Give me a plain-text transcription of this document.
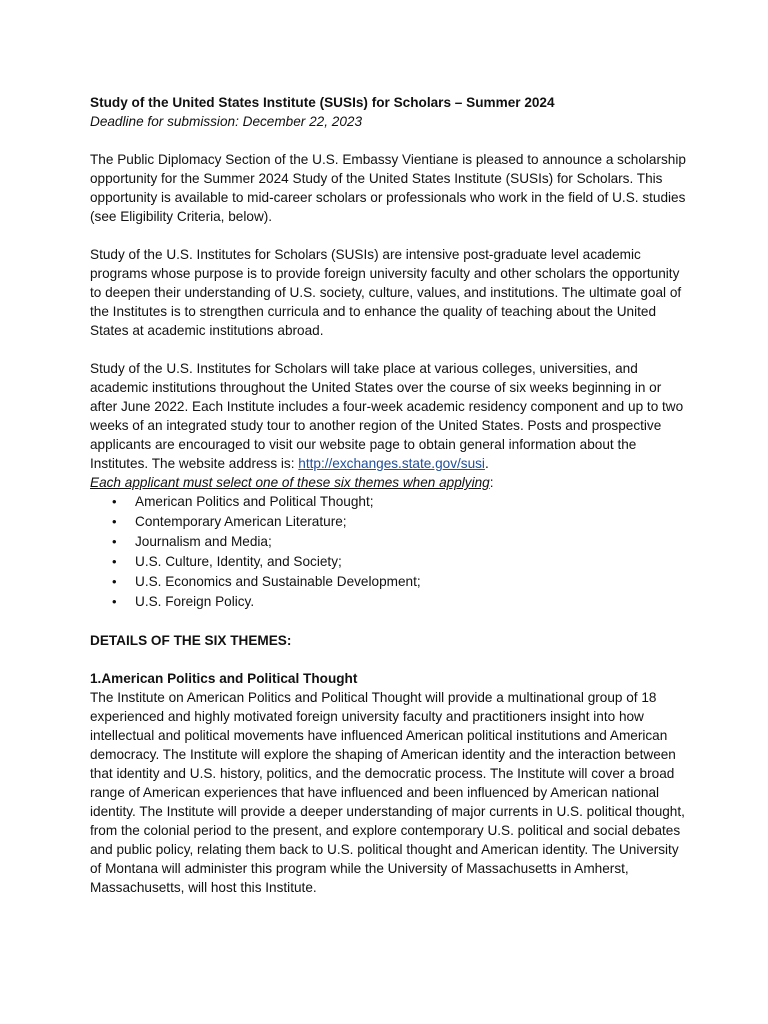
Study of the United States Institute (SUSIs) for Scholars – Summer 2024

Deadline for submission: December 22, 2023

The Public Diplomacy Section of the U.S. Embassy Vientiane is pleased to announce a scholarship opportunity for the Summer 2024 Study of the United States Institute (SUSIs) for Scholars. This opportunity is available to mid-career scholars or professionals who work in the field of U.S. studies (see Eligibility Criteria, below).

Study of the U.S. Institutes for Scholars (SUSIs) are intensive post-graduate level academic programs whose purpose is to provide foreign university faculty and other scholars the opportunity to deepen their understanding of U.S. society, culture, values, and institutions. The ultimate goal of the Institutes is to strengthen curricula and to enhance the quality of teaching about the United States at academic institutions abroad.

Study of the U.S. Institutes for Scholars will take place at various colleges, universities, and academic institutions throughout the United States over the course of six weeks beginning in or after June 2022. Each Institute includes a four-week academic residency component and up to two weeks of an integrated study tour to another region of the United States. Posts and prospective applicants are encouraged to visit our website page to obtain general information about the Institutes. The website address is: http://exchanges.state.gov/susi.

Each applicant must select one of these six themes when applying:

• American Politics and Political Thought;
• Contemporary American Literature;
• Journalism and Media;
• U.S. Culture, Identity, and Society;
• U.S. Economics and Sustainable Development;
• U.S. Foreign Policy.

DETAILS OF THE SIX THEMES:

1.American Politics and Political Thought

The Institute on American Politics and Political Thought will provide a multinational group of 18 experienced and highly motivated foreign university faculty and practitioners insight into how intellectual and political movements have influenced American political institutions and American democracy. The Institute will explore the shaping of American identity and the interaction between that identity and U.S. history, politics, and the democratic process. The Institute will cover a broad range of American experiences that have influenced and been influenced by American national identity. The Institute will provide a deeper understanding of major currents in U.S. political thought, from the colonial period to the present, and explore contemporary U.S. political and social debates and public policy, relating them back to U.S. political thought and American identity. The University of Montana will administer this program while the University of Massachusetts in Amherst, Massachusetts, will host this Institute.
